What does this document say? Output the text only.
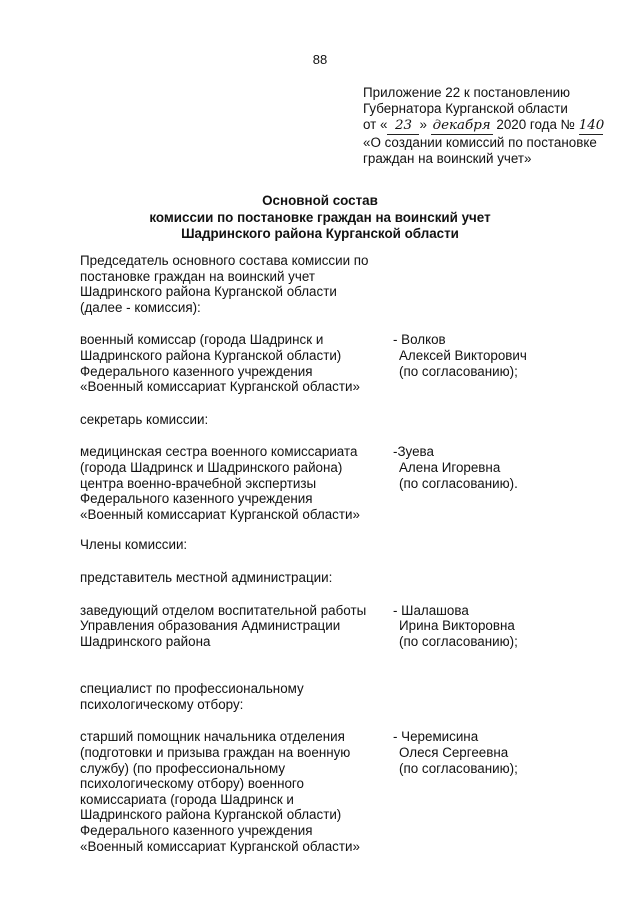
88
Приложение 22 к постановлению
Губернатора Курганской области
от « 23 » декабря 2020 года № 140
«О создании комиссий по постановке
граждан на воинский учет»
Основной состав
комиссии по постановке граждан на воинский учет
Шадринского района Курганской области
Председатель основного состава комиссии по
постановке граждан на воинский учет
Шадринского района Курганской области
(далее - комиссия):
военный комиссар (города Шадринск и
Шадринского района Курганской области)
Федерального казенного учреждения
«Военный комиссариат Курганской области»
- Волков
Алексей Викторович
(по согласованию);
секретарь комиссии:
медицинская сестра военного комиссариата
(города Шадринск и Шадринского района)
центра военно-врачебной экспертизы
Федерального казенного учреждения
«Военный комиссариат Курганской области»
-Зуева
Алена Игоревна
(по согласованию).
Члены комиссии:
представитель местной администрации:
заведующий отделом воспитательной работы
Управления образования Администрации
Шадринского района
- Шалашова
Ирина Викторовна
(по согласованию);
специалист по профессиональному
психологическому отбору:
старший помощник начальника отделения
(подготовки и призыва граждан на военную
службу) (по профессиональному
психологическому отбору) военного
комиссариата (города Шадринск и
Шадринского района Курганской области)
Федерального казенного учреждения
«Военный комиссариат Курганской области»
- Черемисина
Олеся Сергеевна
(по согласованию);
